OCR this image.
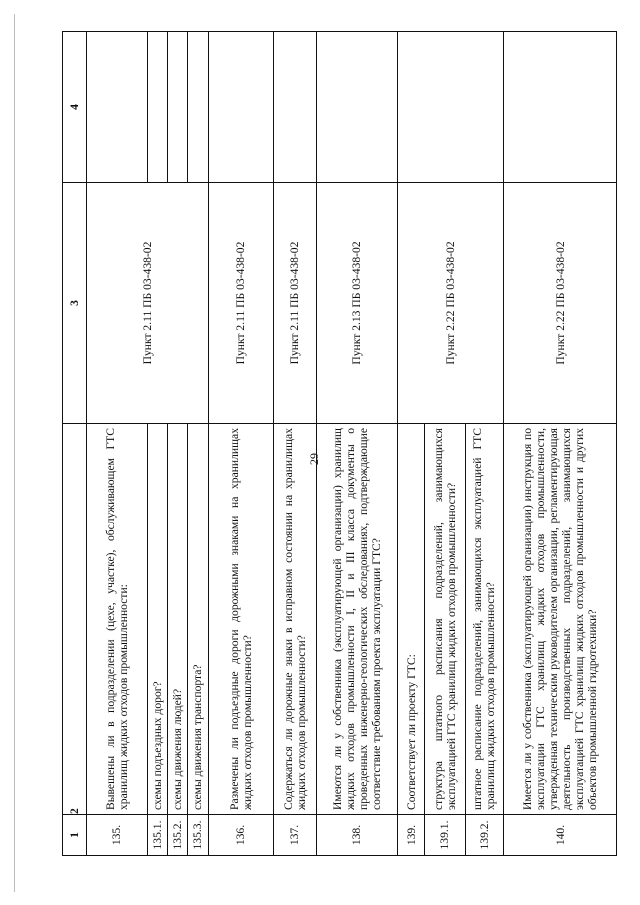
29
1	2	3	4
135.	Вывешены ли в подразделении (цехе, участке), обслуживающем ГТС хранилищ жидких отходов промышленности:	Пункт 2.11 ПБ 03-438-02	
135.1.	схемы подъездных дорог?		
135.2.	схемы движения людей?		
135.3.	схемы движения транспорта?		
136.	Размечены ли подъездные дороги дорожными знаками на хранилищах жидких отходов промышленности?	Пункт 2.11 ПБ 03-438-02	
137.	Содержаться ли дорожные знаки в исправном состоянии на хранилищах жидких отходов промышленности?	Пункт 2.11 ПБ 03-438-02	
138.	Имеются ли у собственника (эксплуатирующей организации) хранилищ жидких отходов промышленности I, II и III класса документы о проведенных инженерно-геологических обследованиях, подтверждающие соответствие требованиям проекта эксплуатации ГТС?	Пункт 2.13 ПБ 03-438-02	
139.	Соответствует ли проекту ГТС:	Пункт 2.22 ПБ 03-438-02	
139.1.	структура штатного расписания подразделений, занимающихся эксплуатацией ГТС хранилищ жидких отходов промышленности?		
139.2.	штатное расписание подразделений, занимающихся эксплуатацией ГТС хранилищ жидких отходов промышленности?		
140.	Имеется ли у собственника (эксплуатирующей организации) инструкция по эксплуатации ГТС хранилищ жидких отходов промышленности, утвержденная техническим руководителем организации, регламентирующая деятельность производственных подразделений, занимающихся эксплуатацией ГТС хранилищ жидких отходов промышленности и других объектов промышленной гидротехники?	Пункт 2.22 ПБ 03-438-02	
